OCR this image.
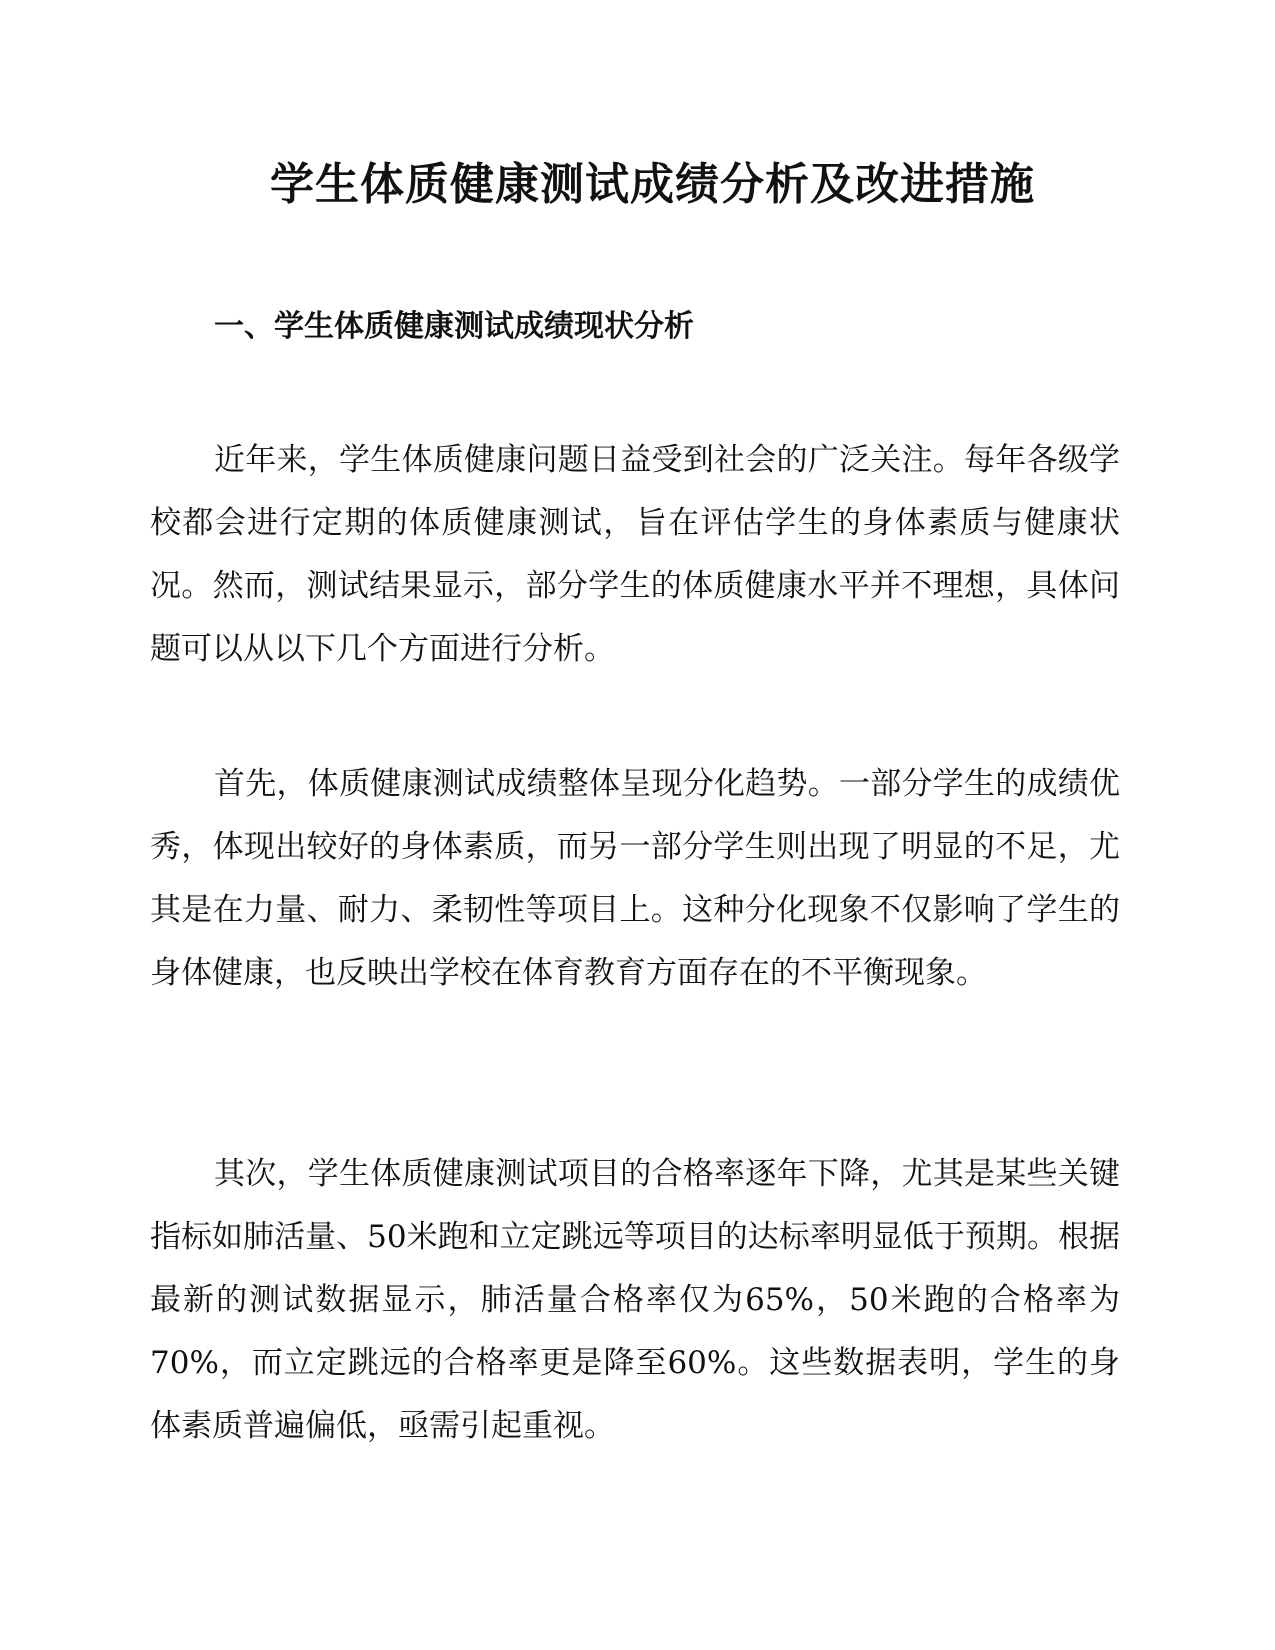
学生体质健康测试成绩分析及改进措施
一、学生体质健康测试成绩现状分析

近年来，学生体质健康问题日益受到社会的广泛关注。每年各级学校都会进行定期的体质健康测试，旨在评估学生的身体素质与健康状况。然而，测试结果显示，部分学生的体质健康水平并不理想，具体问题可以从以下几个方面进行分析。

首先，体质健康测试成绩整体呈现分化趋势。一部分学生的成绩优秀，体现出较好的身体素质，而另一部分学生则出现了明显的不足，尤其是在力量、耐力、柔韧性等项目上。这种分化现象不仅影响了学生的身体健康，也反映出学校在体育教育方面存在的不平衡现象。

其次，学生体质健康测试项目的合格率逐年下降，尤其是某些关键指标如肺活量、50米跑和立定跳远等项目的达标率明显低于预期。根据最新的测试数据显示，肺活量合格率仅为65%，50米跑的合格率为70%，而立定跳远的合格率更是降至60%。这些数据表明，学生的身体素质普遍偏低，亟需引起重视。
